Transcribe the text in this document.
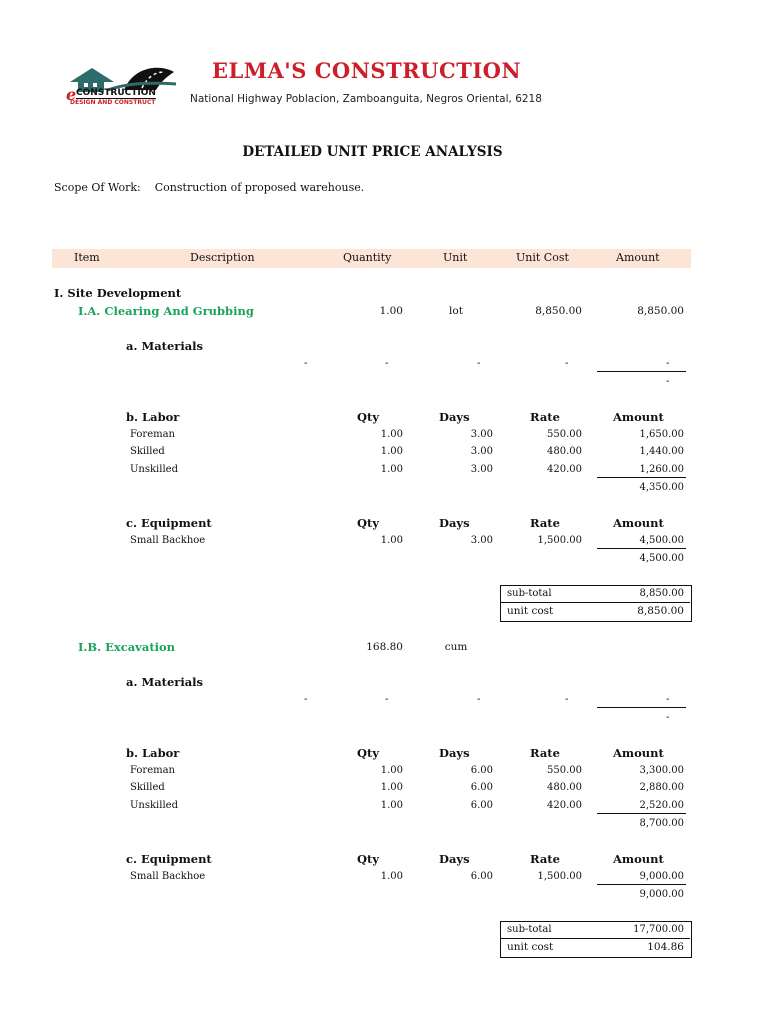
e CONSTRUCTION
DESIGN AND CONSTRUCT
ELMA'S CONSTRUCTION
National Highway Poblacion, Zamboanguita, Negros Oriental, 6218
DETAILED UNIT PRICE ANALYSIS
Scope Of Work: Construction of proposed warehouse.
Item	Description	Quantity	Unit	Unit Cost	Amount
I. Site Development
I.A. Clearing And Grubbing	1.00	lot	8,850.00	8,850.00
a. Materials
-	-	-	-	-
-
b. Labor	Qty	Days	Rate	Amount
Foreman	1.00	3.00	550.00	1,650.00
Skilled	1.00	3.00	480.00	1,440.00
Unskilled	1.00	3.00	420.00	1,260.00
4,350.00
c. Equipment	Qty	Days	Rate	Amount
Small Backhoe	1.00	3.00	1,500.00	4,500.00
4,500.00
sub-total	8,850.00
unit cost	8,850.00
I.B. Excavation	168.80	cum
a. Materials
-	-	-	-	-
-
b. Labor	Qty	Days	Rate	Amount
Foreman	1.00	6.00	550.00	3,300.00
Skilled	1.00	6.00	480.00	2,880.00
Unskilled	1.00	6.00	420.00	2,520.00
8,700.00
c. Equipment	Qty	Days	Rate	Amount
Small Backhoe	1.00	6.00	1,500.00	9,000.00
9,000.00
sub-total	17,700.00
unit cost	104.86
